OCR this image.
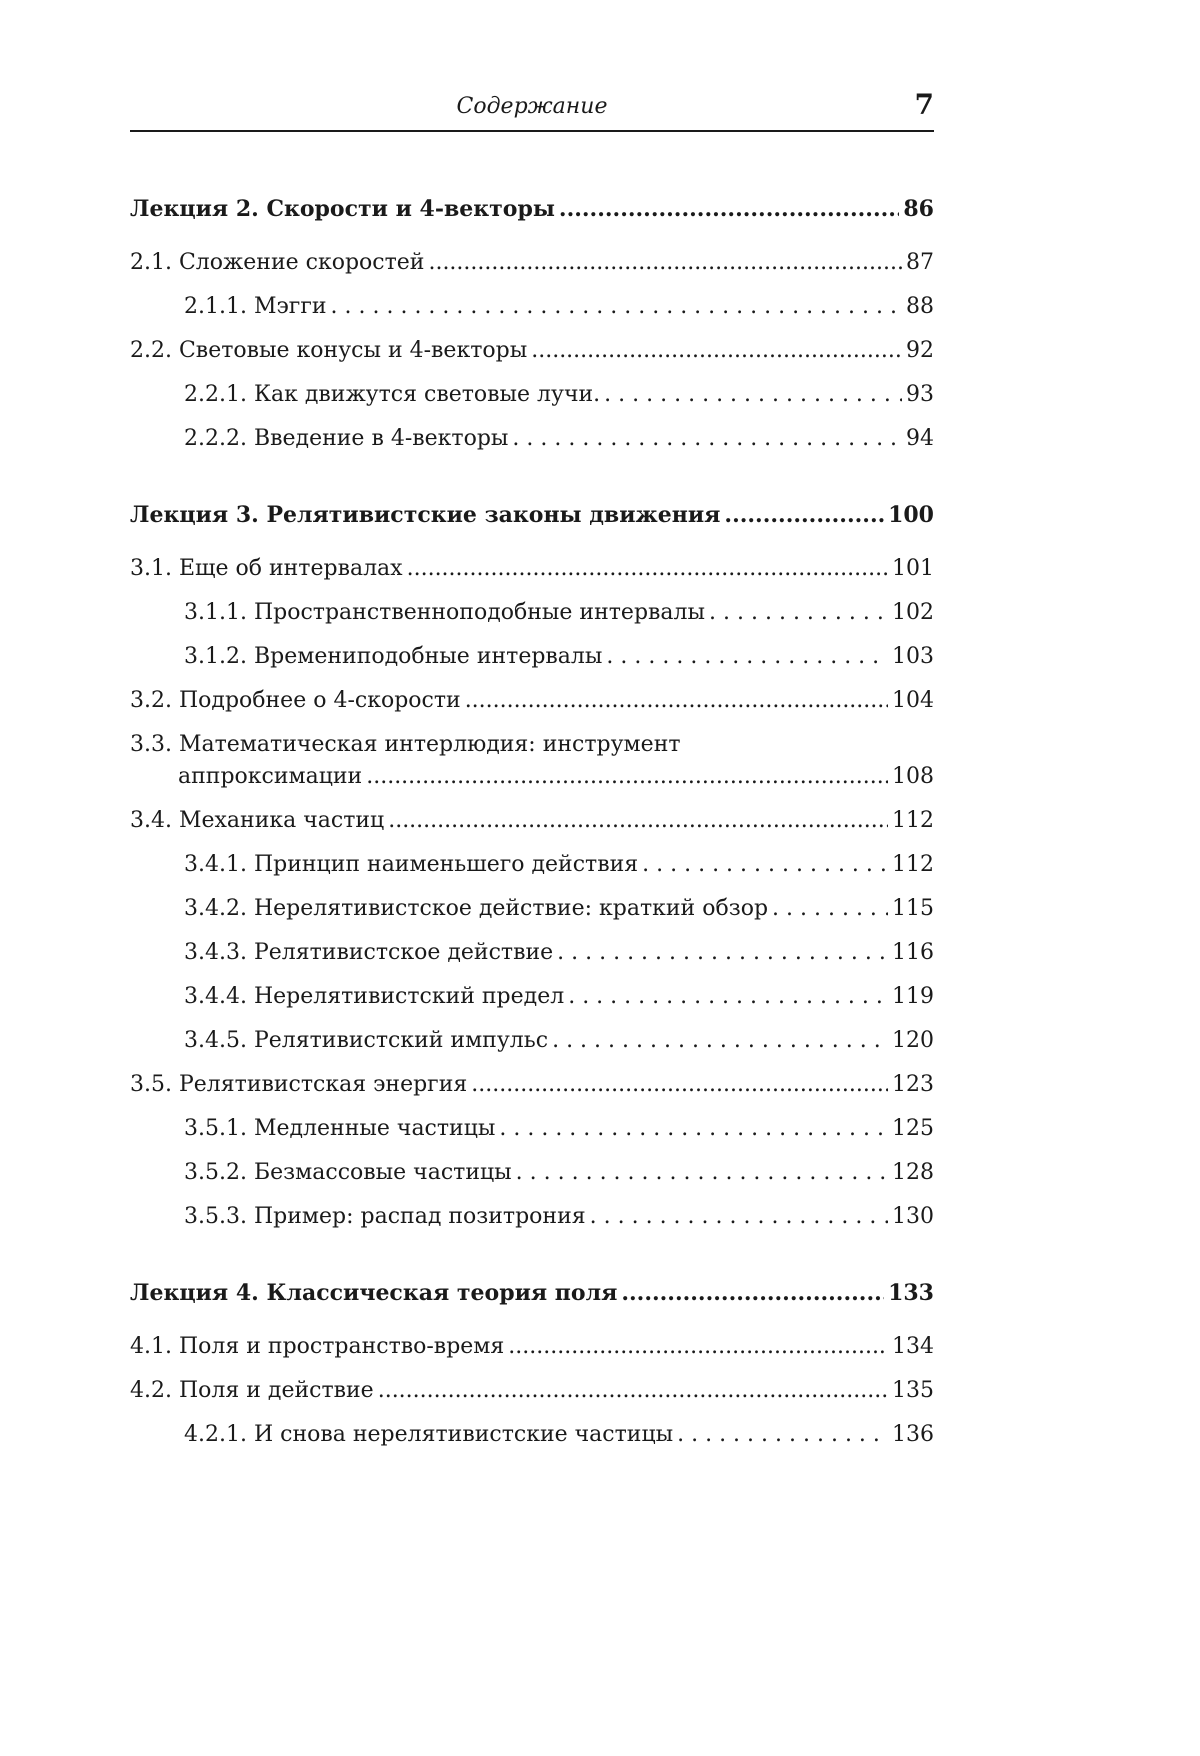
Содержание	7
Лекция 2. Скорости и 4-векторы .....	86
2.1. Сложение скоростей .....	87
2.1.1. Мэгги . . .	88
2.2. Световые конусы и 4-векторы .....	92
2.2.1. Как движутся световые лучи. . . .	93
2.2.2. Введение в 4-векторы . . .	94
Лекция 3. Релятивистские законы движения .....	100
3.1. Еще об интервалах .....	101
3.1.1. Пространственноподобные интервалы . . .	102
3.1.2. Времениподобные интервалы . . .	103
3.2. Подробнее о 4-скорости .....	104
3.3. Математическая интерлюдия: инструмент
аппроксимации .....	108
3.4. Механика частиц .....	112
3.4.1. Принцип наименьшего действия . . .	112
3.4.2. Нерелятивистское действие: краткий обзор . . .	115
3.4.3. Релятивистское действие . . .	116
3.4.4. Нерелятивистский предел . . .	119
3.4.5. Релятивистский импульс . . .	120
3.5. Релятивистская энергия .....	123
3.5.1. Медленные частицы . . .	125
3.5.2. Безмассовые частицы . . .	128
3.5.3. Пример: распад позитрония . . .	130
Лекция 4. Классическая теория поля .....	133
4.1. Поля и пространство-время .....	134
4.2. Поля и действие .....	135
4.2.1. И снова нерелятивистские частицы . . .	136
